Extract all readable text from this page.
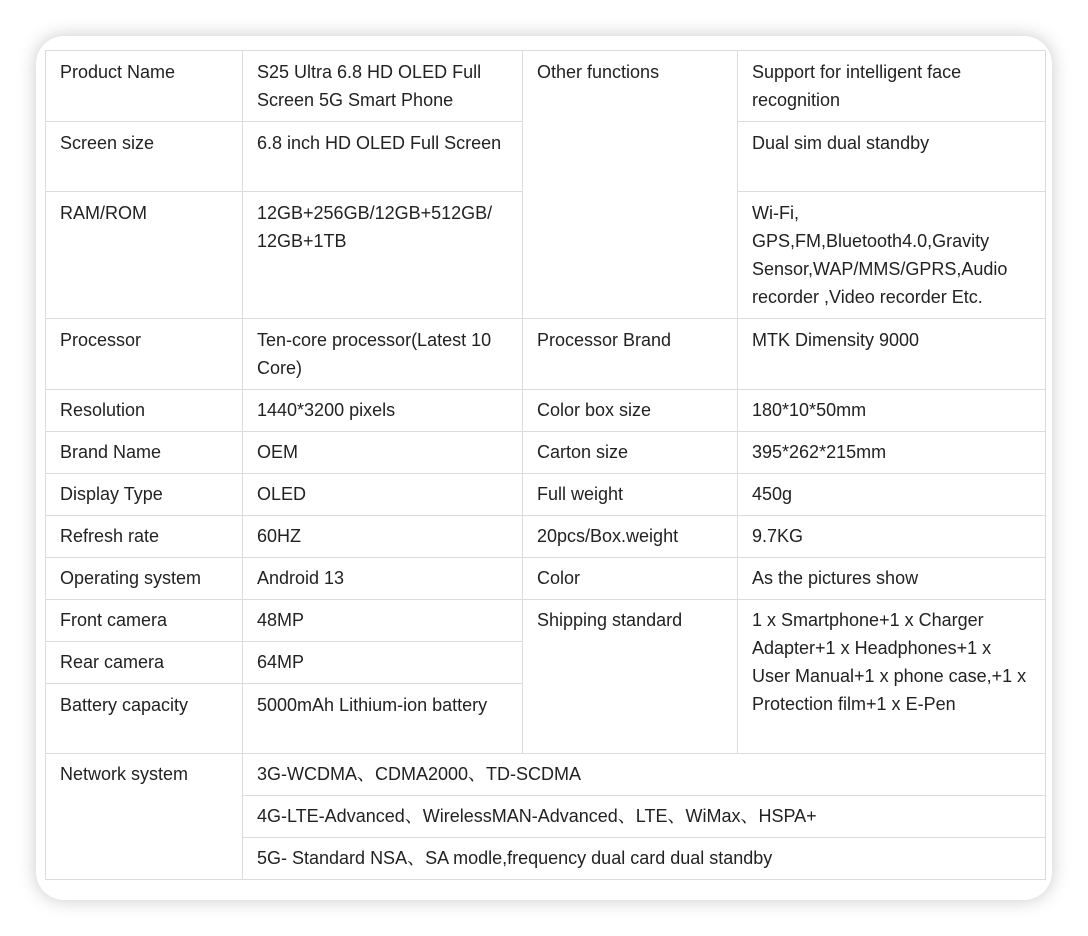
Product Name	S25 Ultra 6.8 HD OLED Full Screen 5G Smart Phone	Other functions	Support for intelligent face recognition
Screen size	6.8 inch HD OLED Full Screen		Dual sim dual standby
RAM/ROM	12GB+256GB/12GB+512GB/ 12GB+1TB		Wi-Fi, GPS,FM,Bluetooth4.0,Gravity Sensor,WAP/MMS/GPRS,Audio recorder ,Video recorder Etc.
Processor	Ten-core processor(Latest 10 Core)	Processor Brand	MTK Dimensity 9000
Resolution	1440*3200 pixels	Color box size	180*10*50mm
Brand Name	OEM	Carton size	395*262*215mm
Display Type	OLED	Full weight	450g
Refresh rate	60HZ	20pcs/Box.weight	9.7KG
Operating system	Android 13	Color	As the pictures show
Front camera	48MP	Shipping standard	1 x Smartphone+1 x Charger Adapter+1 x Headphones+1 x User Manual+1 x phone case,+1 x Protection film+1 x E-Pen
Rear camera	64MP		
Battery capacity	5000mAh Lithium-ion battery		
Network system	3G-WCDMA、CDMA2000、TD-SCDMA		
	4G-LTE-Advanced、WirelessMAN-Advanced、LTE、WiMax、HSPA+		
	5G- Standard NSA、SA modle,frequency dual card dual standby		
